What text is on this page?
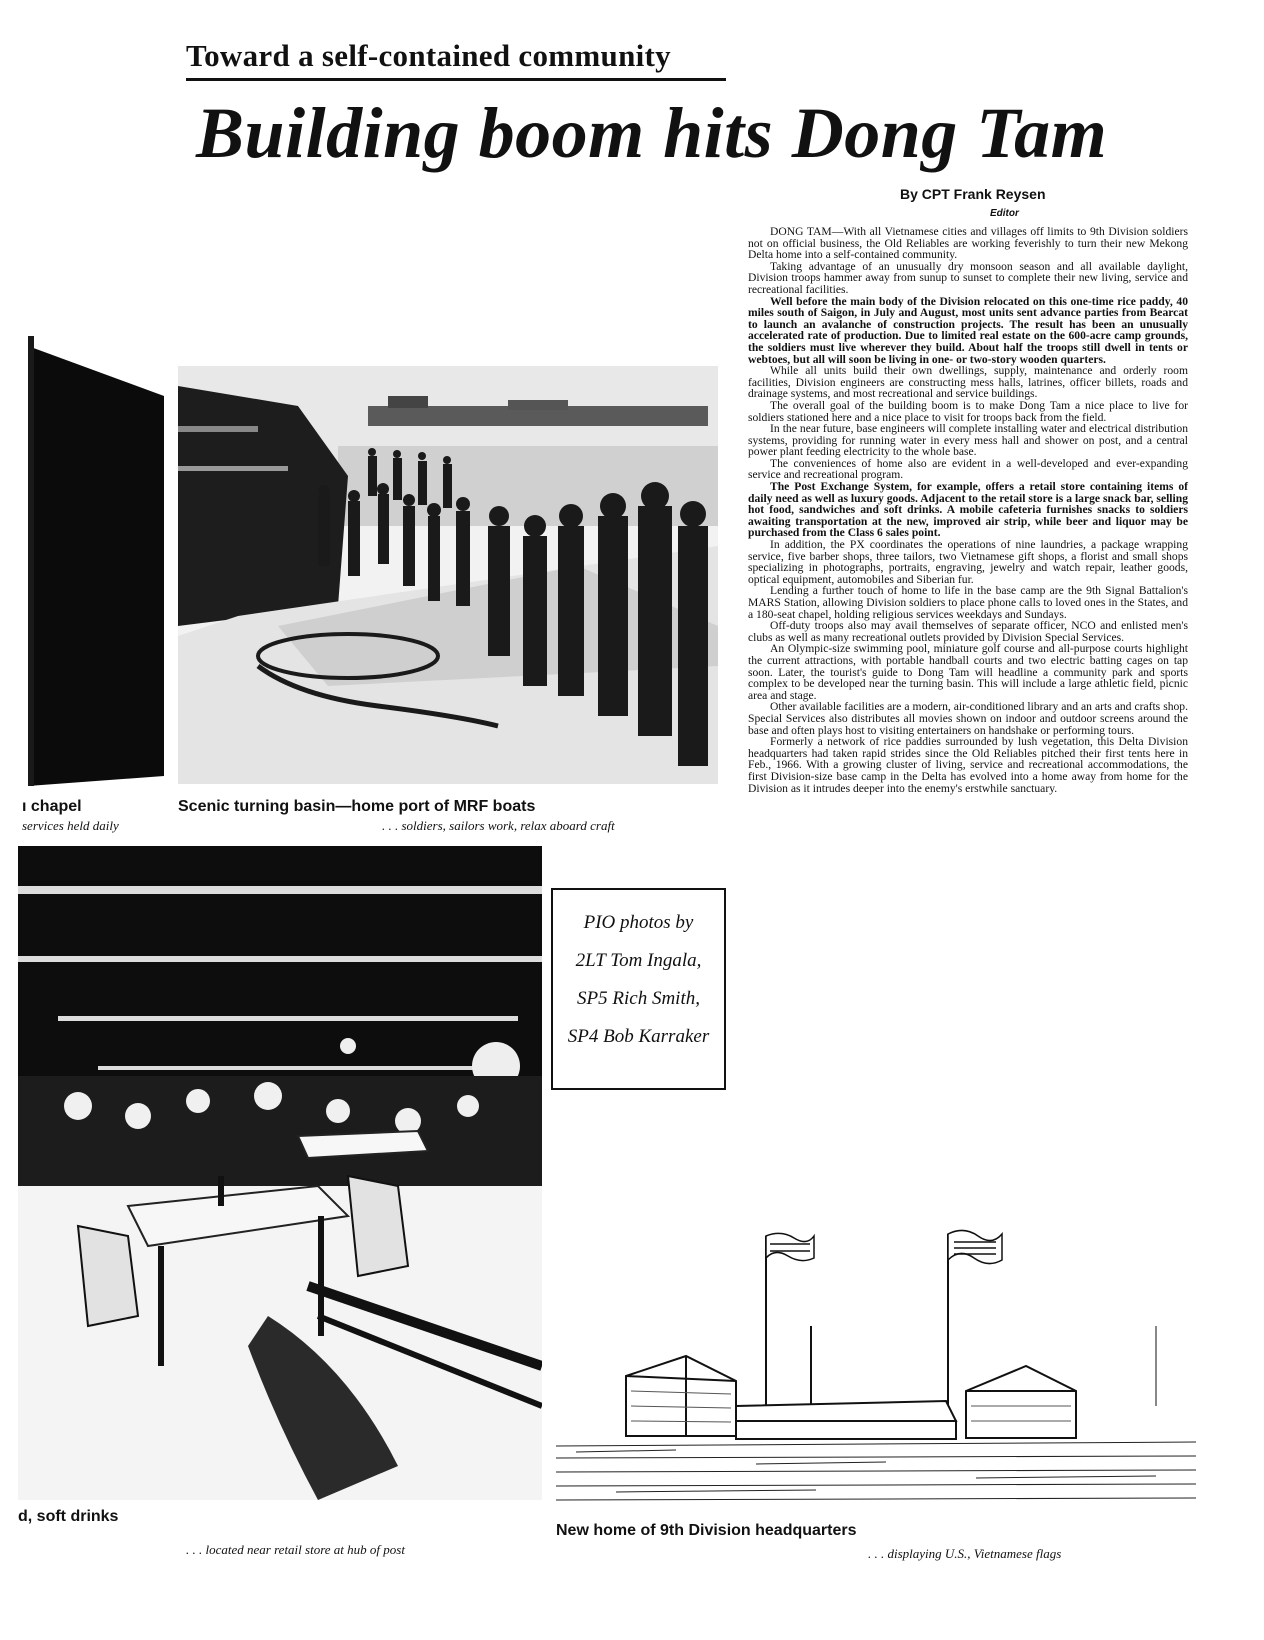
Toward a self-contained community
Building boom hits Dong Tam
By CPT Frank Reysen
Editor

DONG TAM—With all Vietnamese cities and villages off limits to 9th Division soldiers not on official business, the Old Reliables are working feverishly to turn their new Mekong Delta home into a self-contained community.

Taking advantage of an unusually dry monsoon season and all available daylight, Division troops hammer away from sunup to sunset to complete their new living, service and recreational facilities.

Well before the main body of the Division relocated on this one-time rice paddy, 40 miles south of Saigon, in July and August, most units sent advance parties from Bearcat to launch an avalanche of construction projects. The result has been an unusually accelerated rate of production. Due to limited real estate on the 600-acre camp grounds, the soldiers must live wherever they build. About half the troops still dwell in tents or webtoes, but all will soon be living in one- or two-story wooden quarters.

While all units build their own dwellings, supply, maintenance and orderly room facilities, Division engineers are constructing mess halls, latrines, officer billets, roads and drainage systems, and most recreational and service buildings.

The overall goal of the building boom is to make Dong Tam a nice place to live for soldiers stationed here and a nice place to visit for troops back from the field.

In the near future, base engineers will complete installing water and electrical distribution systems, providing for running water in every mess hall and shower on post, and a central power plant feeding electricity to the whole base.

The conveniences of home also are evident in a well-developed and ever-expanding service and recreational program.

The Post Exchange System, for example, offers a retail store containing items of daily need as well as luxury goods. Adjacent to the retail store is a large snack bar, selling hot food, sandwiches and soft drinks. A mobile cafeteria furnishes snacks to soldiers awaiting transportation at the new, improved air strip, while beer and liquor may be purchased from the Class 6 sales point.

In addition, the PX coordinates the operations of nine laundries, a package wrapping service, five barber shops, three tailors, two Vietnamese gift shops, a florist and small shops specializing in photographs, portraits, engraving, jewelry and watch repair, leather goods, optical equipment, automobiles and Siberian fur.

Lending a further touch of home to life in the base camp are the 9th Signal Battalion's MARS Station, allowing Division soldiers to place phone calls to loved ones in the States, and a 180-seat chapel, holding religious services weekdays and Sundays.

Off-duty troops also may avail themselves of separate officer, NCO and enlisted men's clubs as well as many recreational outlets provided by Division Special Services.

An Olympic-size swimming pool, miniature golf course and all-purpose courts highlight the current attractions, with portable handball courts and two electric batting cages on tap soon. Later, the tourist's guide to Dong Tam will headline a community park and sports complex to be developed near the turning basin. This will include a large athletic field, picnic area and stage.

Other available facilities are a modern, air-conditioned library and an arts and crafts shop. Special Services also distributes all movies shown on indoor and outdoor screens around the base and often plays host to visiting entertainers on handshake or performing tours.

Formerly a network of rice paddies surrounded by lush vegetation, this Delta Division headquarters had taken rapid strides since the Old Reliables pitched their first tents here in Feb., 1966. With a growing cluster of living, service and recreational accommodations, the first Division-size base camp in the Delta has evolved into a home away from home for the Division as it intrudes deeper into the enemy's erstwhile sanctuary.

ı chapel
services held daily
Scenic turning basin—home port of MRF boats
. . . soldiers, sailors work, relax aboard craft
d, soft drinks
. . . located near retail store at hub of post
PIO photos by
2LT Tom Ingala,
SP5 Rich Smith,
SP4 Bob Karraker
New home of 9th Division headquarters
. . . displaying U.S., Vietnamese flags
